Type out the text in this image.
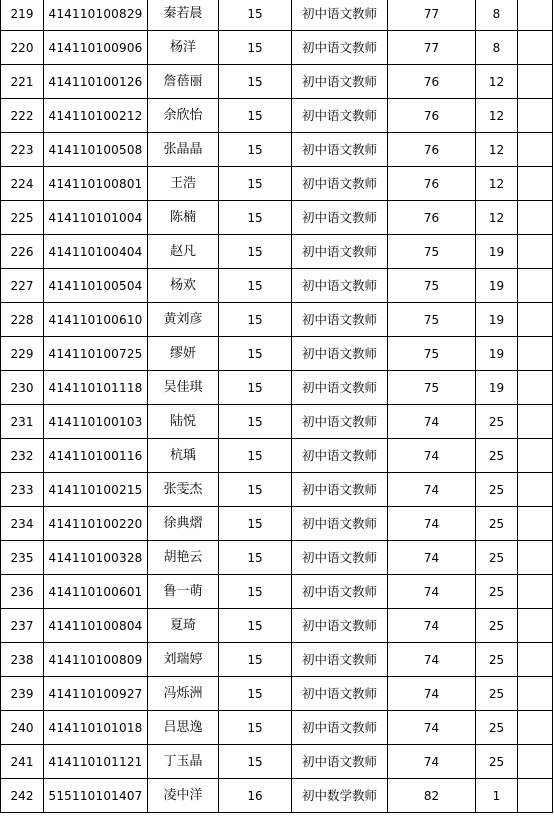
219	414110100829	秦若晨	15	初中语文教师	77	8	
220	414110100906	杨洋	15	初中语文教师	77	8	
221	414110100126	詹蓓丽	15	初中语文教师	76	12	
222	414110100212	余欣怡	15	初中语文教师	76	12	
223	414110100508	张晶晶	15	初中语文教师	76	12	
224	414110100801	王浩	15	初中语文教师	76	12	
225	414110101004	陈楠	15	初中语文教师	76	12	
226	414110100404	赵凡	15	初中语文教师	75	19	
227	414110100504	杨欢	15	初中语文教师	75	19	
228	414110100610	黄刘彦	15	初中语文教师	75	19	
229	414110100725	缪妍	15	初中语文教师	75	19	
230	414110101118	吴佳琪	15	初中语文教师	75	19	
231	414110100103	陆悦	15	初中语文教师	74	25	
232	414110100116	杭瑀	15	初中语文教师	74	25	
233	414110100215	张雯杰	15	初中语文教师	74	25	
234	414110100220	徐典熠	15	初中语文教师	74	25	
235	414110100328	胡艳云	15	初中语文教师	74	25	
236	414110100601	鲁一萌	15	初中语文教师	74	25	
237	414110100804	夏琦	15	初中语文教师	74	25	
238	414110100809	刘瑞婷	15	初中语文教师	74	25	
239	414110100927	冯烁洲	15	初中语文教师	74	25	
240	414110101018	吕思逸	15	初中语文教师	74	25	
241	414110101121	丁玉晶	15	初中语文教师	74	25	
242	515110101407	凌中洋	16	初中数学教师	82	1	
